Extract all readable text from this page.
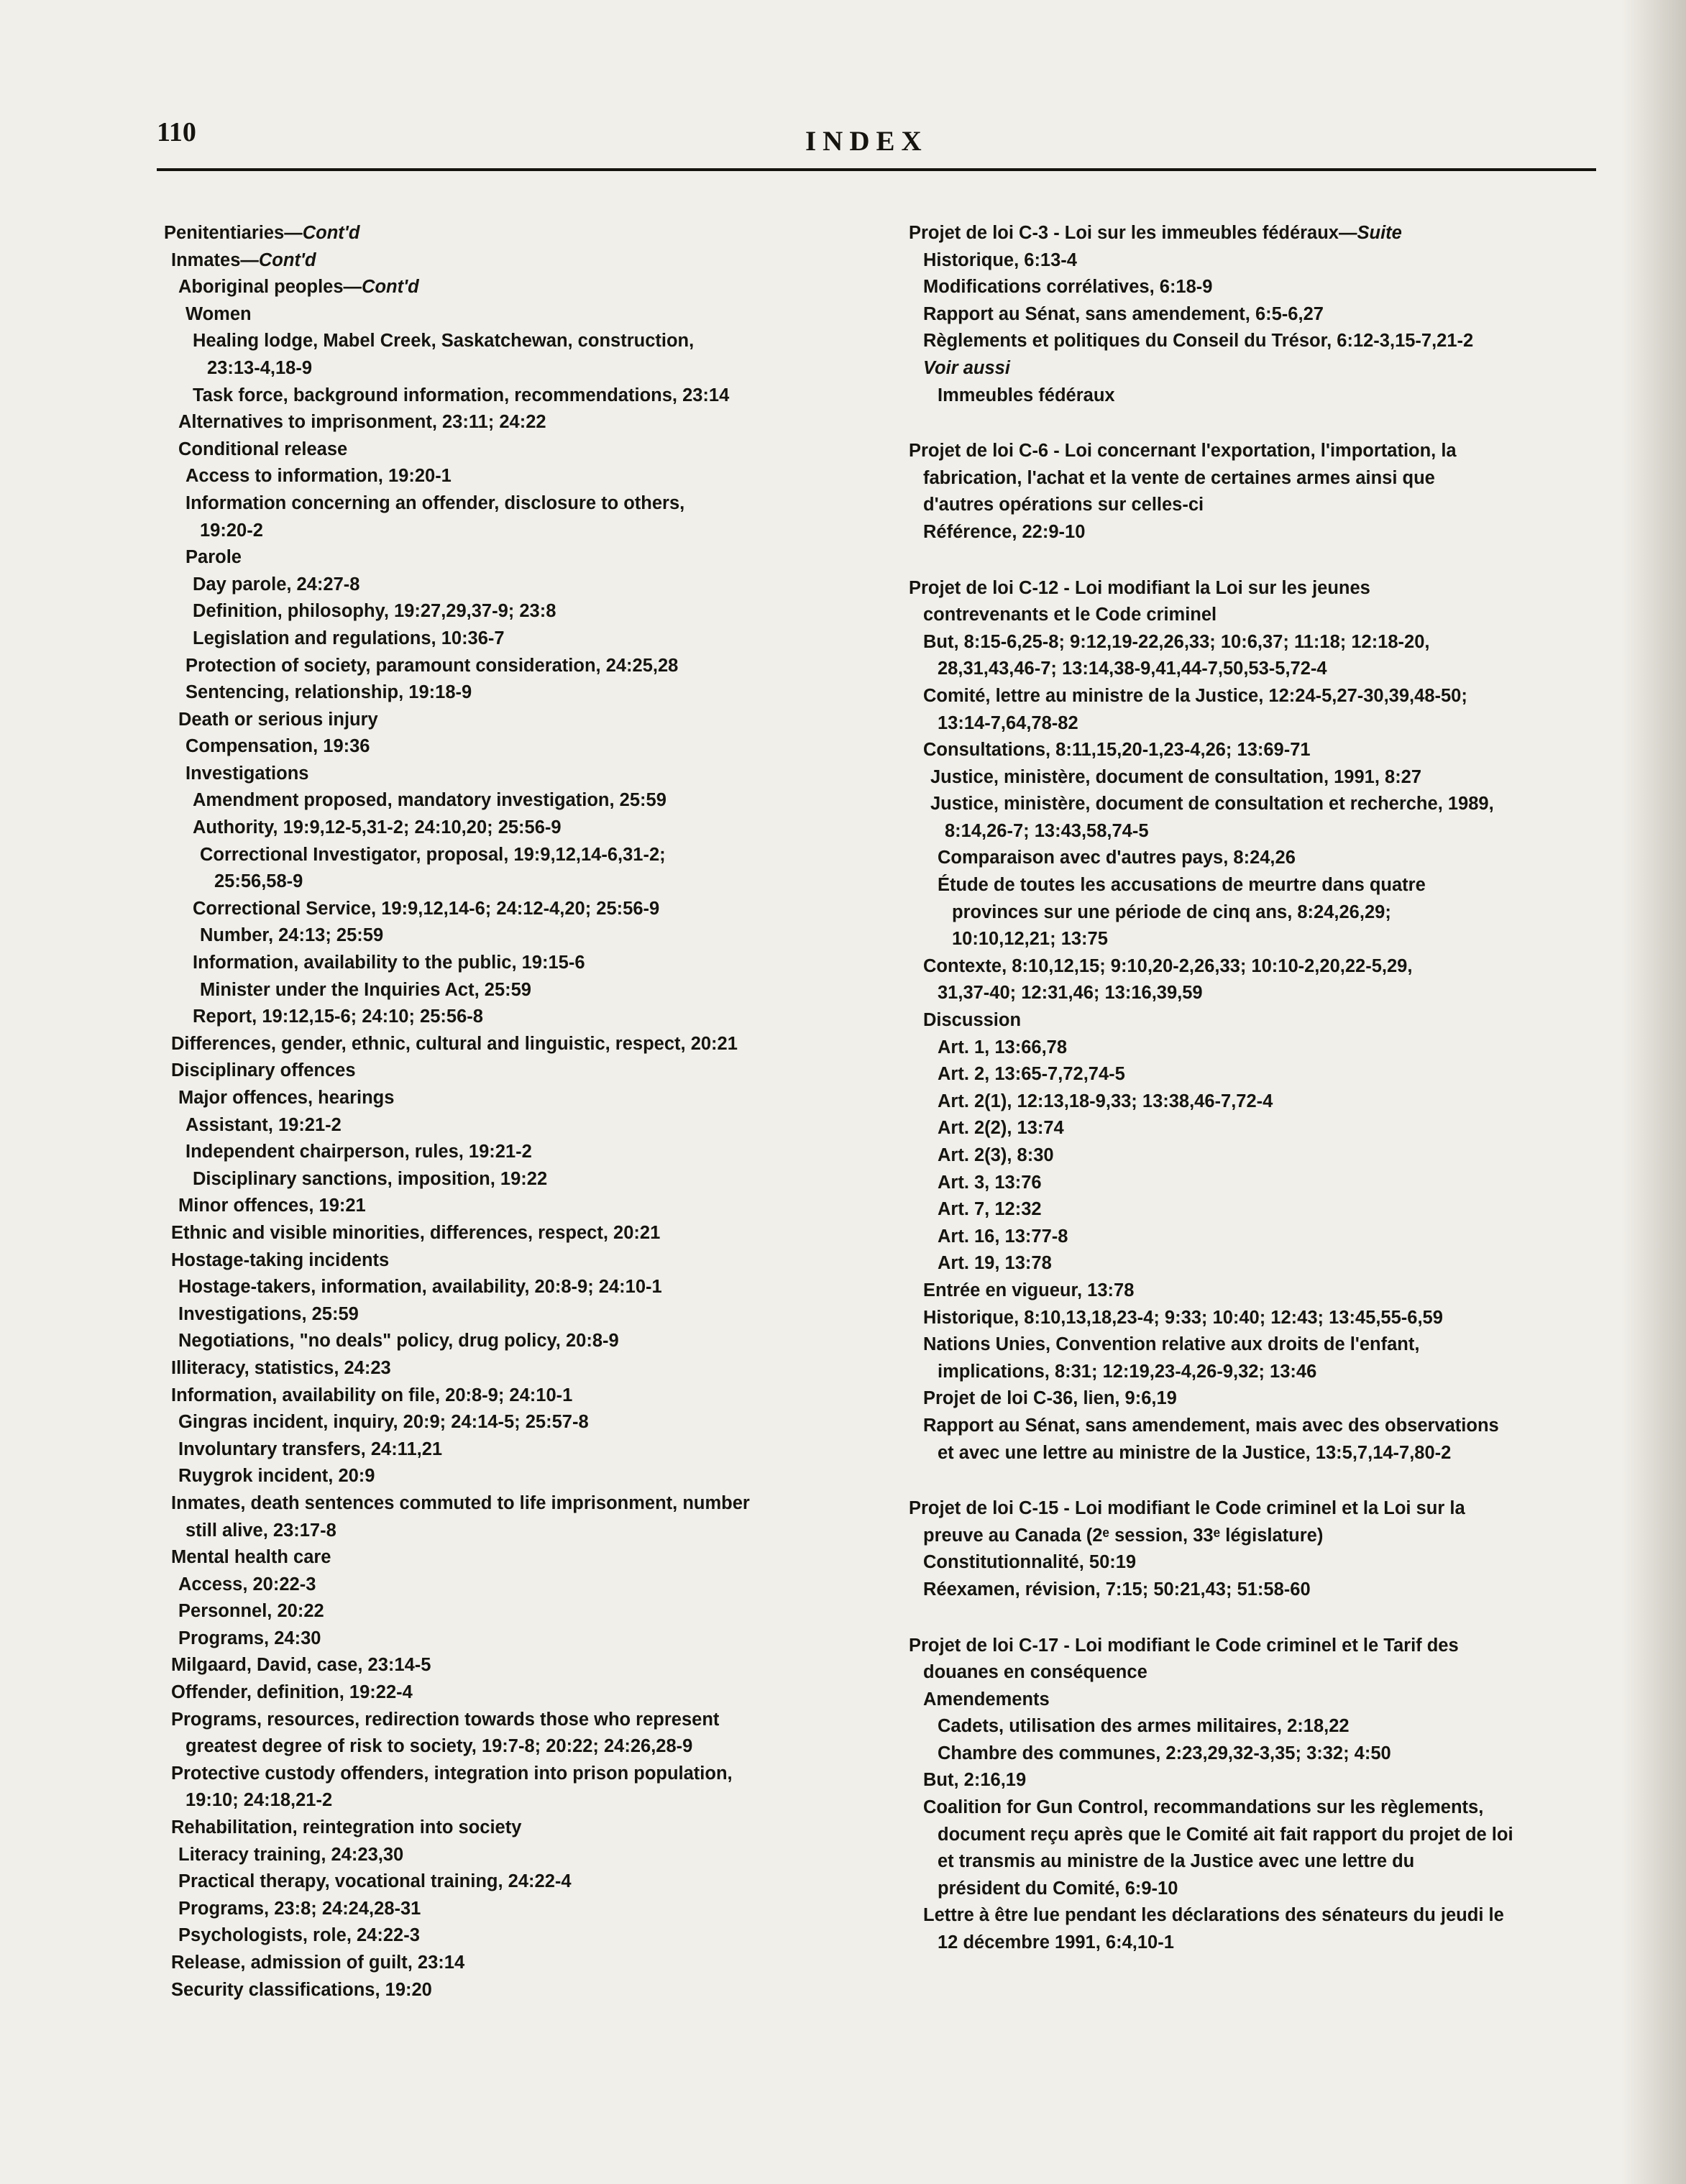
110	INDEX

Penitentiaries—Cont'd

Inmates—Cont'd

Aboriginal peoples—Cont'd

Women

Healing lodge, Mabel Creek, Saskatchewan, construction,

23:13-4,18-9

Task force, background information, recommendations, 23:14

Alternatives to imprisonment, 23:11; 24:22

Conditional release

Access to information, 19:20-1

Information concerning an offender, disclosure to others,

19:20-2

Parole

Day parole, 24:27-8

Definition, philosophy, 19:27,29,37-9; 23:8

Legislation and regulations, 10:36-7

Protection of society, paramount consideration, 24:25,28

Sentencing, relationship, 19:18-9

Death or serious injury

Compensation, 19:36

Investigations

Amendment proposed, mandatory investigation, 25:59

Authority, 19:9,12-5,31-2; 24:10,20; 25:56-9

Correctional Investigator, proposal, 19:9,12,14-6,31-2;

25:56,58-9

Correctional Service, 19:9,12,14-6; 24:12-4,20; 25:56-9

Number, 24:13; 25:59

Information, availability to the public, 19:15-6

Minister under the Inquiries Act, 25:59

Report, 19:12,15-6; 24:10; 25:56-8

Differences, gender, ethnic, cultural and linguistic, respect, 20:21

Disciplinary offences

Major offences, hearings

Assistant, 19:21-2

Independent chairperson, rules, 19:21-2

Disciplinary sanctions, imposition, 19:22

Minor offences, 19:21

Ethnic and visible minorities, differences, respect, 20:21

Hostage-taking incidents

Hostage-takers, information, availability, 20:8-9; 24:10-1

Investigations, 25:59

Negotiations, "no deals" policy, drug policy, 20:8-9

Illiteracy, statistics, 24:23

Information, availability on file, 20:8-9; 24:10-1

Gingras incident, inquiry, 20:9; 24:14-5; 25:57-8

Involuntary transfers, 24:11,21

Ruygrok incident, 20:9

Inmates, death sentences commuted to life imprisonment, number

still alive, 23:17-8

Mental health care

Access, 20:22-3

Personnel, 20:22

Programs, 24:30

Milgaard, David, case, 23:14-5

Offender, definition, 19:22-4

Programs, resources, redirection towards those who represent

greatest degree of risk to society, 19:7-8; 20:22; 24:26,28-9

Protective custody offenders, integration into prison population,

19:10; 24:18,21-2

Rehabilitation, reintegration into society

Literacy training, 24:23,30

Practical therapy, vocational training, 24:22-4

Programs, 23:8; 24:24,28-31

Psychologists, role, 24:22-3

Release, admission of guilt, 23:14

Security classifications, 19:20

Projet de loi C-3 - Loi sur les immeubles fédéraux—Suite

Historique, 6:13-4

Modifications corrélatives, 6:18-9

Rapport au Sénat, sans amendement, 6:5-6,27

Règlements et politiques du Conseil du Trésor, 6:12-3,15-7,21-2

Voir aussi

Immeubles fédéraux

Projet de loi C-6 - Loi concernant l'exportation, l'importation, la

fabrication, l'achat et la vente de certaines armes ainsi que

d'autres opérations sur celles-ci

Référence, 22:9-10

Projet de loi C-12 - Loi modifiant la Loi sur les jeunes

contrevenants et le Code criminel

But, 8:15-6,25-8; 9:12,19-22,26,33; 10:6,37; 11:18; 12:18-20,

28,31,43,46-7; 13:14,38-9,41,44-7,50,53-5,72-4

Comité, lettre au ministre de la Justice, 12:24-5,27-30,39,48-50;

13:14-7,64,78-82

Consultations, 8:11,15,20-1,23-4,26; 13:69-71

Justice, ministère, document de consultation, 1991, 8:27

Justice, ministère, document de consultation et recherche, 1989,

8:14,26-7; 13:43,58,74-5

Comparaison avec d'autres pays, 8:24,26

Étude de toutes les accusations de meurtre dans quatre

provinces sur une période de cinq ans, 8:24,26,29;

10:10,12,21; 13:75

Contexte, 8:10,12,15; 9:10,20-2,26,33; 10:10-2,20,22-5,29,

31,37-40; 12:31,46; 13:16,39,59

Discussion

Art. 1, 13:66,78

Art. 2, 13:65-7,72,74-5

Art. 2(1), 12:13,18-9,33; 13:38,46-7,72-4

Art. 2(2), 13:74

Art. 2(3), 8:30

Art. 3, 13:76

Art. 7, 12:32

Art. 16, 13:77-8

Art. 19, 13:78

Entrée en vigueur, 13:78

Historique, 8:10,13,18,23-4; 9:33; 10:40; 12:43; 13:45,55-6,59

Nations Unies, Convention relative aux droits de l'enfant,

implications, 8:31; 12:19,23-4,26-9,32; 13:46

Projet de loi C-36, lien, 9:6,19

Rapport au Sénat, sans amendement, mais avec des observations

et avec une lettre au ministre de la Justice, 13:5,7,14-7,80-2

Projet de loi C-15 - Loi modifiant le Code criminel et la Loi sur la

preuve au Canada (2ᵉ session, 33ᵉ législature)

Constitutionnalité, 50:19

Réexamen, révision, 7:15; 50:21,43; 51:58-60

Projet de loi C-17 - Loi modifiant le Code criminel et le Tarif des

douanes en conséquence

Amendements

Cadets, utilisation des armes militaires, 2:18,22

Chambre des communes, 2:23,29,32-3,35; 3:32; 4:50

But, 2:16,19

Coalition for Gun Control, recommandations sur les règlements,

document reçu après que le Comité ait fait rapport du projet de loi

et transmis au ministre de la Justice avec une lettre du

président du Comité, 6:9-10

Lettre à être lue pendant les déclarations des sénateurs du jeudi le

12 décembre 1991, 6:4,10-1
